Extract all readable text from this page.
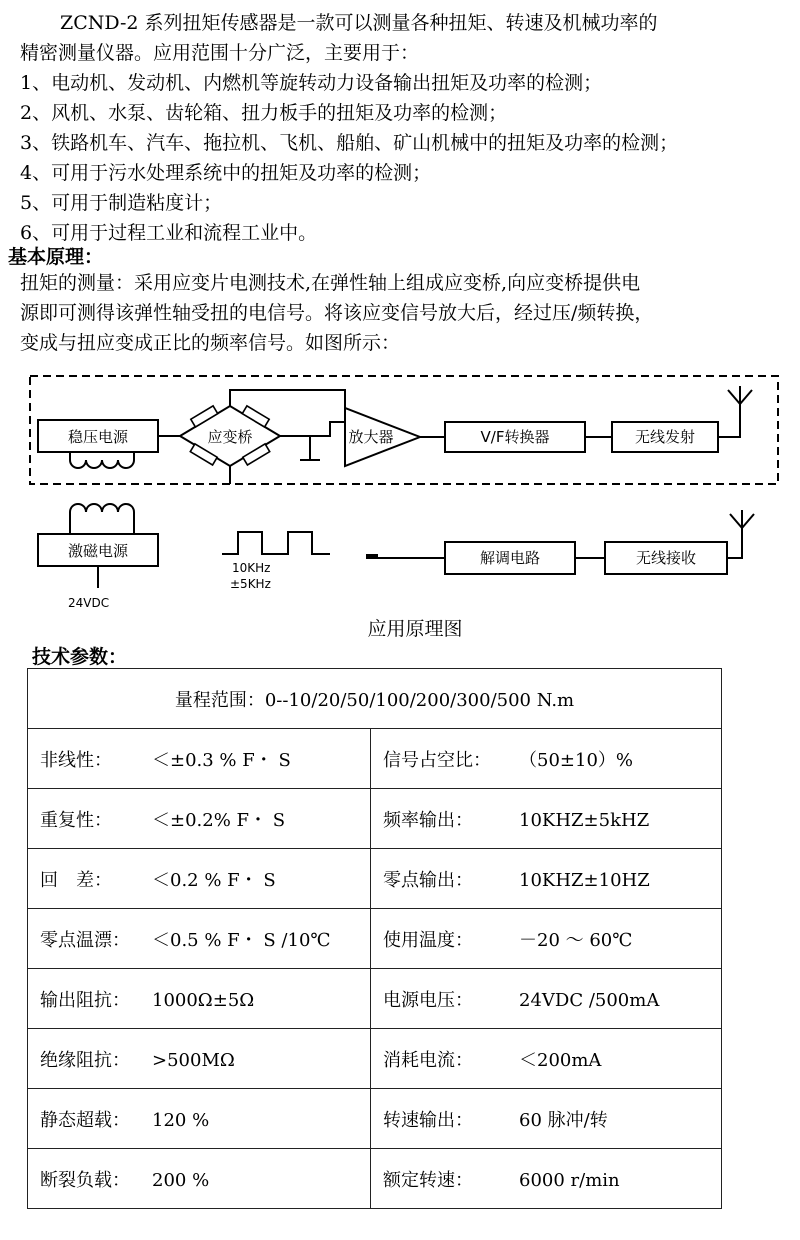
ZCND-2 系列扭矩传感器是一款可以测量各种扭矩、转速及机械功率的
精密测量仪器。应用范围十分广泛，主要用于：
1、电动机、发动机、内燃机等旋转动力设备输出扭矩及功率的检测；
2、风机、水泵、齿轮箱、扭力板手的扭矩及功率的检测；
3、铁路机车、汽车、拖拉机、飞机、船舶、矿山机械中的扭矩及功率的检测；
4、可用于污水处理系统中的扭矩及功率的检测；
5、可用于制造粘度计；
6、可用于过程工业和流程工业中。
基本原理：
扭矩的测量：采用应变片电测技术,在弹性轴上组成应变桥,向应变桥提供电
源即可测得该弹性轴受扭的电信号。将该应变信号放大后，经过压/频转换，
变成与扭应变成正比的频率信号。如图所示：
稳压电源	应变桥	放大器	V/F转换器	无线发射
激磁电源	解调电路	无线接收
24VDC
10KHz
±5KHz
应用原理图
技术参数：
量程范围：0--10/20/50/100/200/300/500 N.m	
非线性： ＜±0.3 % F・ S	信号占空比： （50±10）%
重复性： ＜±0.2% F・ S	频率输出： 10KHZ±5kHZ
回　差： ＜0.2 % F・ S	零点输出： 10KHZ±10HZ
零点温漂： ＜0.5 % F・ S /10℃	使用温度： －20 ～ 60℃
输出阻抗： 1000Ω±5Ω	电源电压： 24VDC /500mA
绝缘阻抗： >500MΩ	消耗电流： ＜200mA
静态超载： 120 %	转速输出： 60 脉冲/转
断裂负载： 200 %	额定转速： 6000 r/min
